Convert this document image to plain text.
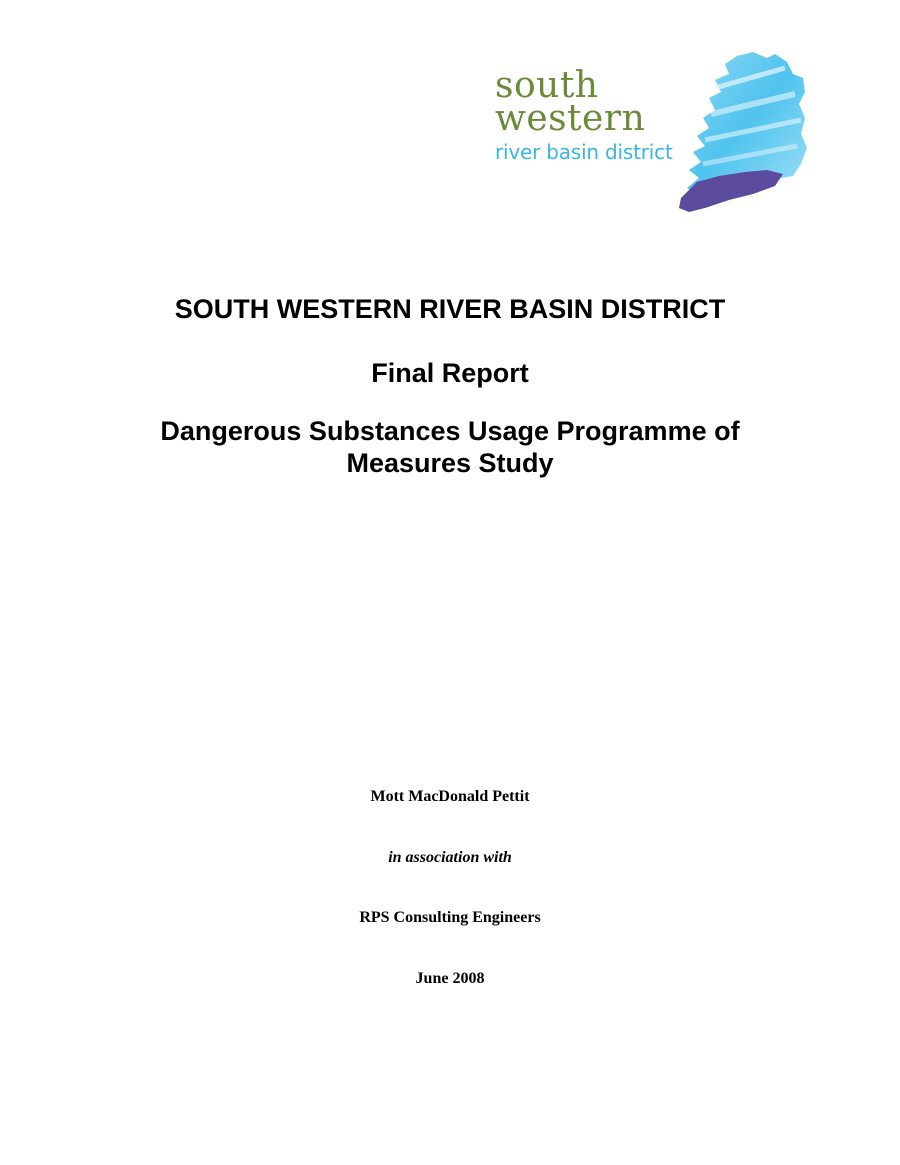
south
western
river basin district
SOUTH WESTERN RIVER BASIN DISTRICT
Final Report
Dangerous Substances Usage Programme of
Measures Study
Mott MacDonald Pettit
in association with
RPS Consulting Engineers
June 2008
